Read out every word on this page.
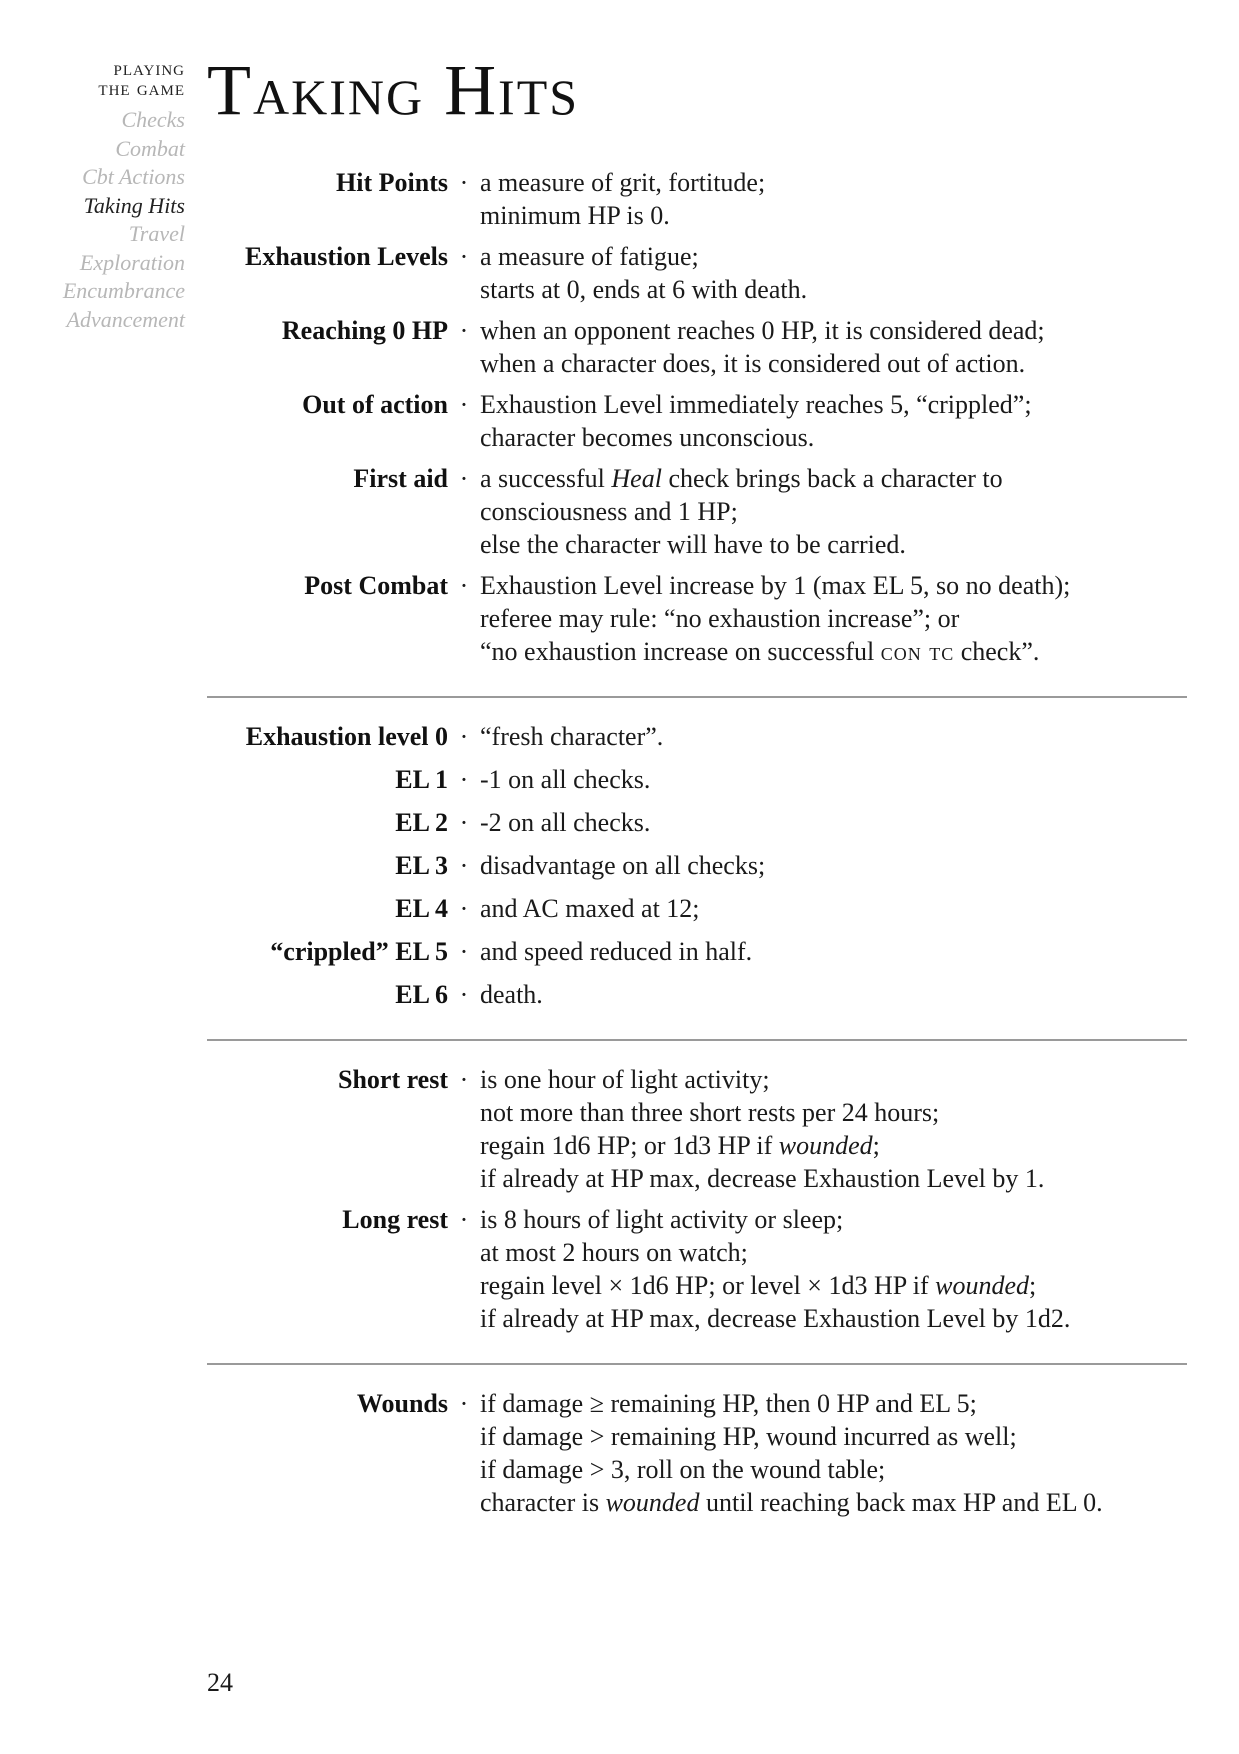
playing
the game
Checks
Combat
Cbt Actions
Taking Hits
Travel
Exploration
Encumbrance
Advancement
Taking Hits
Hit Points · a measure of grit, fortitude;
minimum HP is 0.
Exhaustion Levels · a measure of fatigue;
starts at 0, ends at 6 with death.
Reaching 0 HP · when an opponent reaches 0 HP, it is considered dead;
when a character does, it is considered out of action.
Out of action · Exhaustion Level immediately reaches 5, “crippled”;
character becomes unconscious.
First aid · a successful Heal check brings back a character to
consciousness and 1 HP;
else the character will have to be carried.
Post Combat · Exhaustion Level increase by 1 (max EL 5, so no death);
referee may rule: “no exhaustion increase”; or
“no exhaustion increase on successful con tc check”.
Exhaustion level 0 · “fresh character”.
EL 1 · -1 on all checks.
EL 2 · -2 on all checks.
EL 3 · disadvantage on all checks;
EL 4 · and AC maxed at 12;
“crippled” EL 5 · and speed reduced in half.
EL 6 · death.
Short rest · is one hour of light activity;
not more than three short rests per 24 hours;
regain 1d6 HP; or 1d3 HP if wounded;
if already at HP max, decrease Exhaustion Level by 1.
Long rest · is 8 hours of light activity or sleep;
at most 2 hours on watch;
regain level × 1d6 HP; or level × 1d3 HP if wounded;
if already at HP max, decrease Exhaustion Level by 1d2.
Wounds · if damage ≥ remaining HP, then 0 HP and EL 5;
if damage > remaining HP, wound incurred as well;
if damage > 3, roll on the wound table;
character is wounded until reaching back max HP and EL 0.
24
